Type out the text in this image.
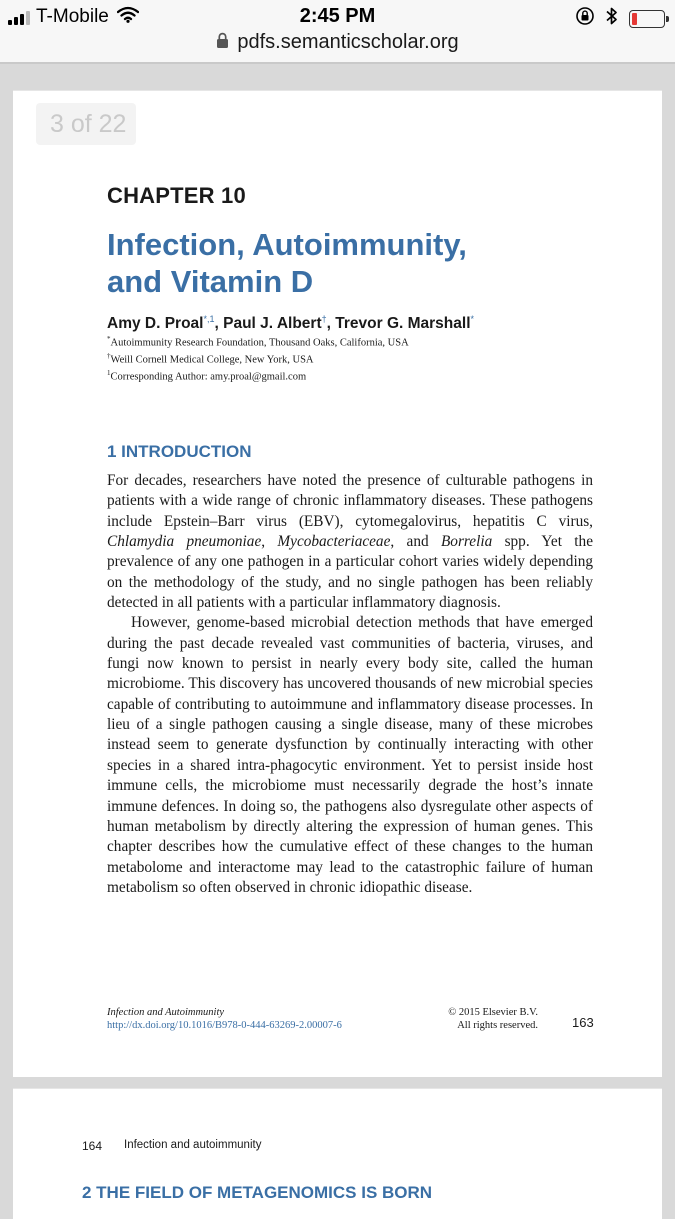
T-Mobile	2:45 PM
pdfs.semanticscholar.org
3 of 22
CHAPTER 10
Infection, Autoimmunity,
and Vitamin D
Amy D. Proal$^{*,1}$, Paul J. Albert†, Trevor G. Marshall*
*Autoimmunity Research Foundation, Thousand Oaks, California, USA
†Weill Cornell Medical College, New York, USA
$^1$Corresponding Author: amy.proal@gmail.com
1 INTRODUCTION

For decades, researchers have noted the presence of culturable pathogens in patients with a wide range of chronic inflammatory diseases. These pathogens include Epstein–Barr virus (EBV), cytomegalovirus, hepatitis C virus, Chlamydia pneumoniae, Mycobacteriaceae, and Borrelia spp. Yet the prevalence of any one pathogen in a particular cohort varies widely depending on the methodology of the study, and no single pathogen has been reliably detected in all patients with a particular inflammatory diagnosis.

However, genome-based microbial detection methods that have emerged during the past decade revealed vast communities of bacteria, viruses, and fungi now known to persist in nearly every body site, called the human microbiome. This discovery has uncovered thousands of new microbial species capable of contributing to autoimmune and inflammatory disease processes. In lieu of a single pathogen causing a single disease, many of these microbes instead seem to generate dysfunction by continually interacting with other species in a shared intra-phagocytic environment. Yet to persist inside host immune cells, the microbiome must necessarily degrade the host’s innate immune defences. In doing so, the pathogens also dysregulate other aspects of human metabolism by directly altering the expression of human genes. This chapter describes how the cumulative effect of these changes to the human metabolome and interactome may lead to the catastrophic failure of human metabolism so often observed in chronic idiopathic disease.

Infection and Autoimmunity
http://dx.doi.org/10.1016/B978-0-444-63269-2.00007-6
© 2015 Elsevier B.V.
All rights reserved.	163
164 Infection and autoimmunity
2 THE FIELD OF METAGENOMICS IS BORN
